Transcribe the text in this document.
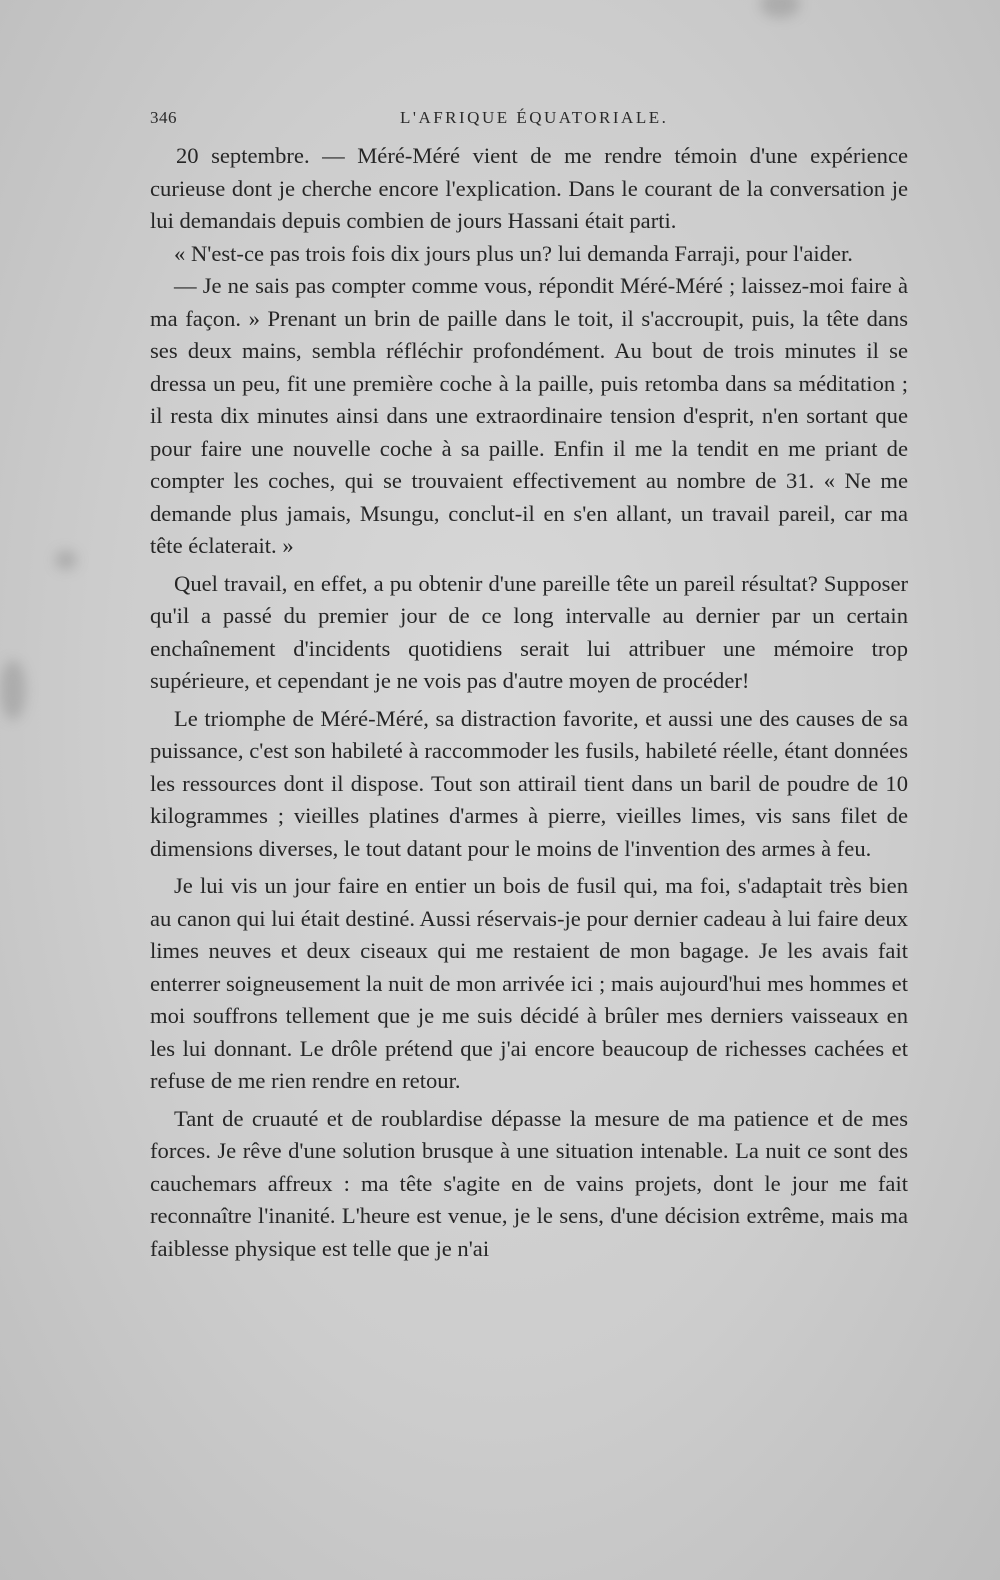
346	L'AFRIQUE ÉQUATORIALE.

20 septembre. — Méré-Méré vient de me rendre témoin d'une expérience curieuse dont je cherche encore l'explication. Dans le courant de la conversation je lui demandais depuis combien de jours Hassani était parti.

« N'est-ce pas trois fois dix jours plus un? lui demanda Farraji, pour l'aider.

— Je ne sais pas compter comme vous, répondit Méré-Méré ; laissez-moi faire à ma façon. » Prenant un brin de paille dans le toit, il s'accroupit, puis, la tête dans ses deux mains, sembla réfléchir profondément. Au bout de trois minutes il se dressa un peu, fit une première coche à la paille, puis retomba dans sa méditation ; il resta dix minutes ainsi dans une extraordinaire tension d'esprit, n'en sortant que pour faire une nouvelle coche à sa paille. Enfin il me la tendit en me priant de compter les coches, qui se trouvaient effectivement au nombre de 31. « Ne me demande plus jamais, Msungu, conclut-il en s'en allant, un travail pareil, car ma tête éclaterait. »

Quel travail, en effet, a pu obtenir d'une pareille tête un pareil résultat? Supposer qu'il a passé du premier jour de ce long intervalle au dernier par un certain enchaînement d'incidents quotidiens serait lui attribuer une mémoire trop supérieure, et cependant je ne vois pas d'autre moyen de procéder!

Le triomphe de Méré-Méré, sa distraction favorite, et aussi une des causes de sa puissance, c'est son habileté à raccommoder les fusils, habileté réelle, étant données les ressources dont il dispose. Tout son attirail tient dans un baril de poudre de 10 kilogrammes ; vieilles platines d'armes à pierre, vieilles limes, vis sans filet de dimensions diverses, le tout datant pour le moins de l'invention des armes à feu.

Je lui vis un jour faire en entier un bois de fusil qui, ma foi, s'adaptait très bien au canon qui lui était destiné. Aussi réservais-je pour dernier cadeau à lui faire deux limes neuves et deux ciseaux qui me restaient de mon bagage. Je les avais fait enterrer soigneusement la nuit de mon arrivée ici ; mais aujourd'hui mes hommes et moi souffrons tellement que je me suis décidé à brûler mes derniers vaisseaux en les lui donnant. Le drôle prétend que j'ai encore beaucoup de richesses cachées et refuse de me rien rendre en retour.

Tant de cruauté et de roublardise dépasse la mesure de ma patience et de mes forces. Je rêve d'une solution brusque à une situation intenable. La nuit ce sont des cauchemars affreux : ma tête s'agite en de vains projets, dont le jour me fait reconnaître l'inanité. L'heure est venue, je le sens, d'une décision extrême, mais ma faiblesse physique est telle que je n'ai
